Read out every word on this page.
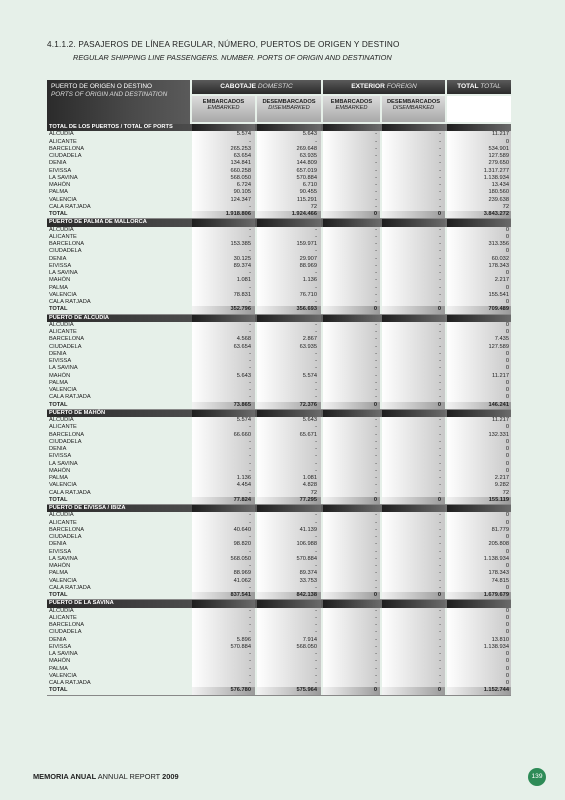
4.1.1.2. PASAJEROS DE LÍNEA REGULAR, NÚMERO, PUERTOS DE ORIGEN Y DESTINO
REGULAR SHIPPING LINE PASSENGERS. NUMBER. PORTS OF ORIGIN AND DESTINATION
PUERTO DE ORIGEN O DESTINO
PORTS OF ORIGIN AND DESTINATION
CABOTAJE DOMESTIC	EXTERIOR FOREIGN	TOTAL TOTAL
EMBARCADOS
EMBARKED
DESEMBARCADOS
DISEMBARKED
EMBARCADOS
EMBARKED
DESEMBARCADOS
DISEMBARKED
TOTAL DE LOS PUERTOS / TOTAL OF PORTS
ALCUDIA	5.574	5.643	-	-	11.217
ALICANTE	-	-	-	-	0
BARCELONA	265.253	269.648	-	-	534.901
CIUDADELA	63.654	63.935	-	-	127.589
DENIA	134.841	144.809	-	-	279.650
EIVISSA	660.258	657.019	-	-	1.317.277
LA SAVINA	568.050	570.884	-	-	1.138.934
MAHÓN	6.724	6.710	-	-	13.434
PALMA	90.105	90.455	-	-	180.560
VALENCIA	124.347	115.291	-	-	239.638
CALA RATJADA	-	72	-	-	72
TOTAL	1.918.806	1.924.466	0	0	3.843.272
PUERTO DE PALMA DE MALLORCA
ALCUDIA	-	-	-	-	0
ALICANTE	-	-	-	-	0
BARCELONA	153.385	159.971	-	-	313.356
CIUDADELA	-	-	-	-	0
DENIA	30.125	29.907	-	-	60.032
EIVISSA	89.374	88.969	-	-	178.343
LA SAVINA	-	-	-	-	0
MAHÓN	1.081	1.136	-	-	2.217
PALMA	-	-	-	-	0
VALENCIA	78.831	76.710	-	-	155.541
CALA RATJADA	-	-	-	-	0
TOTAL	352.796	356.693	0	0	709.489
PUERTO DE ALCUDIA
ALCUDIA	-	-	-	-	0
ALICANTE	-	-	-	-	0
BARCELONA	4.568	2.867	-	-	7.435
CIUDADELA	63.654	63.935	-	-	127.589
DENIA	-	-	-	-	0
EIVISSA	-	-	-	-	0
LA SAVINA	-	-	-	-	0
MAHÓN	5.643	5.574	-	-	11.217
PALMA	-	-	-	-	0
VALENCIA	-	-	-	-	0
CALA RATJADA	-	-	-	-	0
TOTAL	73.865	72.376	0	0	146.241
PUERTO DE MAHÓN
ALCUDIA	5.574	5.643	-	-	11.217
ALICANTE	-	-	-	-	0
BARCELONA	66.660	65.671	-	-	132.331
CIUDADELA	-	-	-	-	0
DENIA	-	-	-	-	0
EIVISSA	-	-	-	-	0
LA SAVINA	-	-	-	-	0
MAHÓN	-	-	-	-	0
PALMA	1.136	1.081	-	-	2.217
VALENCIA	4.454	4.828	-	-	9.282
CALA RATJADA	-	72	-	-	72
TOTAL	77.824	77.295	0	0	155.119
PUERTO DE EIVISSA / IBIZA
ALCUDIA	-	-	-	-	0
ALICANTE	-	-	-	-	0
BARCELONA	40.640	41.139	-	-	81.779
CIUDADELA	-	-	-	-	0
DENIA	98.820	106.988	-	-	205.808
EIVISSA	-	-	-	-	0
LA SAVINA	568.050	570.884	-	-	1.138.934
MAHÓN	-	-	-	-	0
PALMA	88.969	89.374	-	-	178.343
VALENCIA	41.062	33.753	-	-	74.815
CALA RATJADA	-	-	-	-	0
TOTAL	837.541	842.138	0	0	1.679.679
PUERTO DE LA SAVINA
ALCUDIA	-	-	-	-	0
ALICANTE	-	-	-	-	0
BARCELONA	-	-	-	-	0
CIUDADELA	-	-	-	-	0
DENIA	5.896	7.914	-	-	13.810
EIVISSA	570.884	568.050	-	-	1.138.934
LA SAVINA	-	-	-	-	0
MAHÓN	-	-	-	-	0
PALMA	-	-	-	-	0
VALENCIA	-	-	-	-	0
CALA RATJADA	-	-	-	-	0
TOTAL	576.780	575.964	0	0	1.152.744
MEMORIA ANUAL ANNUAL REPORT 2009	139
